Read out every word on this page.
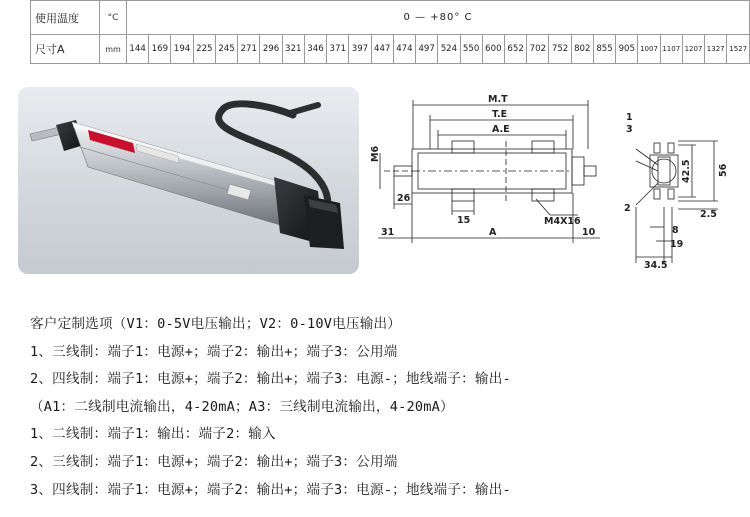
使用温度	°C	0 — +80° C																											
尺寸A	mm	144	169	194	225	245	271	296	321	346	371	397	447	474	497	524	550	600	652	702	752	802	855	905	1007	1107	1207	1327	1527
M.T
T.E
A.E
M6
26
15	M4X16
31	A	10
1
3
2
42.5	56
2.5
8
19
34.5
客户定制选项（V1：0-5V电压输出；V2：0-10V电压输出）
1、三线制：端子1：电源+；端子2：输出+；端子3：公用端
2、四线制：端子1：电源+；端子2：输出+；端子3：电源-；地线端子：输出-
（A1：二线制电流输出，4-20mA；A3：三线制电流输出，4-20mA）
1、二线制：端子1：输出：端子2：输入
2、三线制：端子1：电源+；端子2：输出+；端子3：公用端
3、四线制：端子1：电源+；端子2：输出+；端子3：电源-；地线端子：输出-
